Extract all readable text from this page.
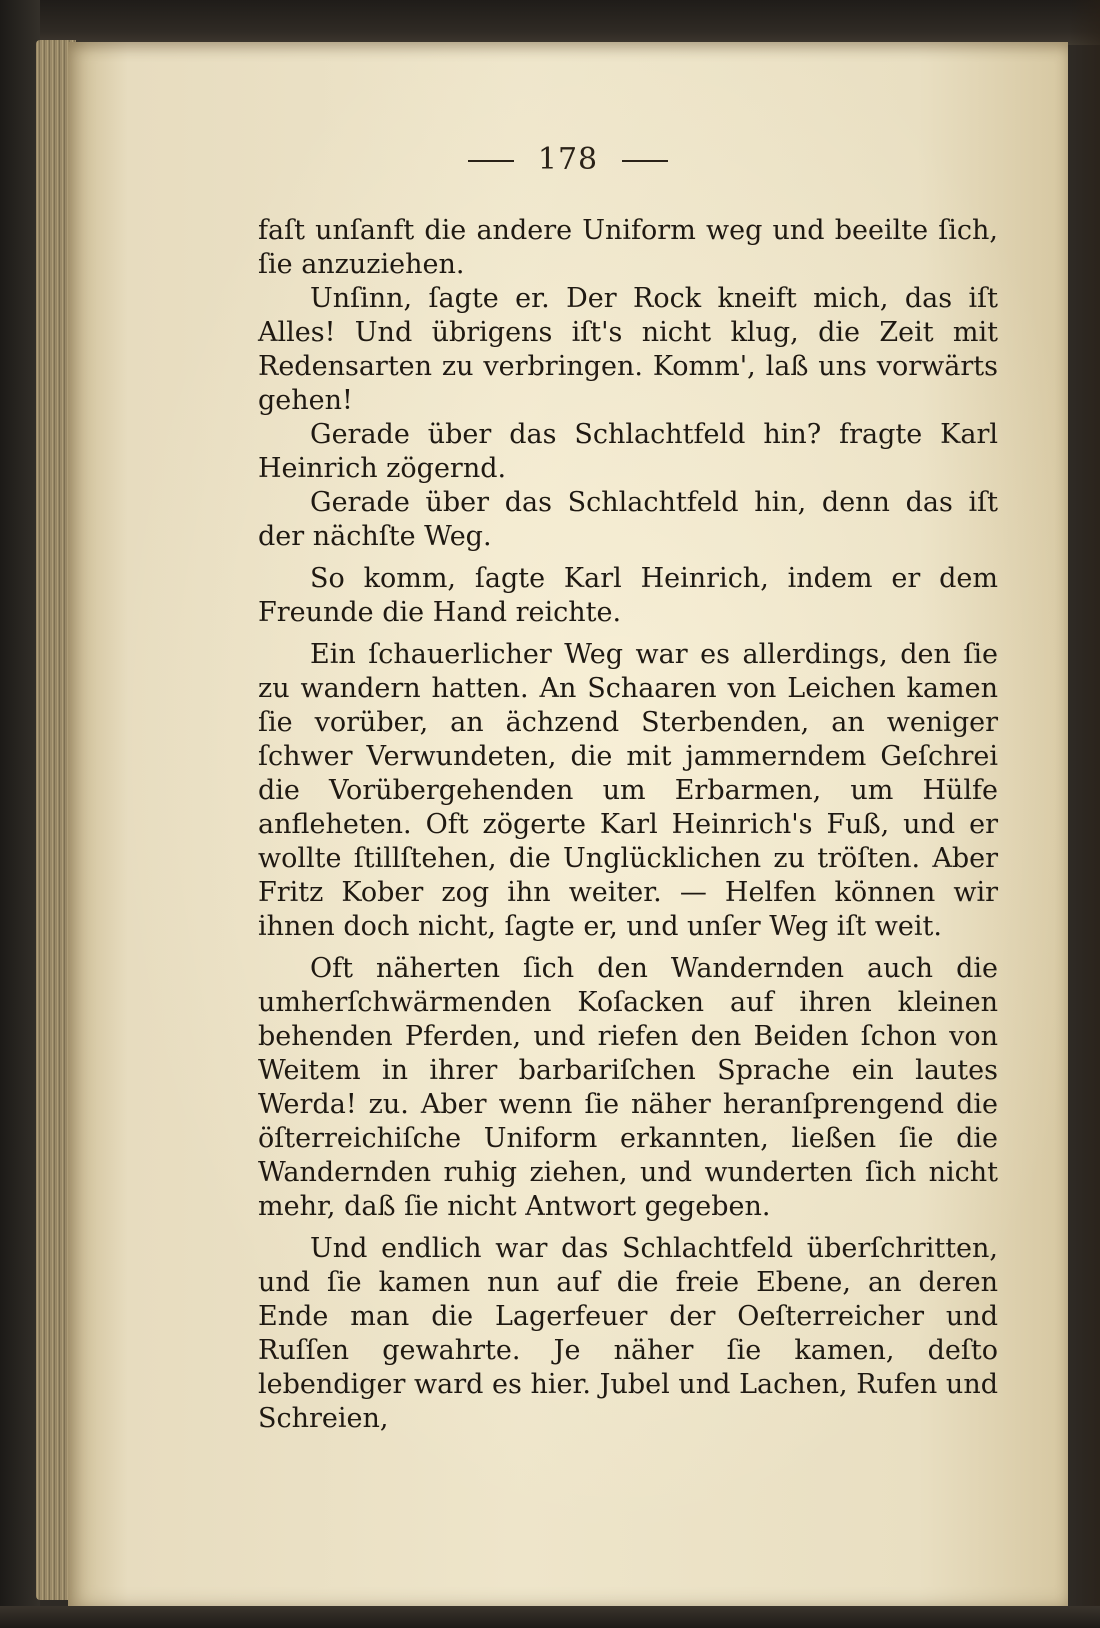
178

faſt unſanft die andere Uniform weg und beeilte ſich, ſie anzuziehen.

Unſinn, ſagte er. Der Rock kneift mich, das iſt Alles! Und übrigens iſt's nicht klug, die Zeit mit Redensarten zu verbringen. Komm', laß uns vorwärts gehen!

Gerade über das Schlachtfeld hin? fragte Karl Heinrich zögernd.

Gerade über das Schlachtfeld hin, denn das iſt der nächſte Weg.

So komm, ſagte Karl Heinrich, indem er dem Freunde die Hand reichte.

Ein ſchauerlicher Weg war es allerdings, den ſie zu wandern hatten. An Schaaren von Leichen kamen ſie vorüber, an ächzend Sterbenden, an weniger ſchwer Verwundeten, die mit jammerndem Geſchrei die Vorübergehenden um Erbarmen, um Hülfe anfleheten. Oft zögerte Karl Heinrich's Fuß, und er wollte ſtillſtehen, die Unglücklichen zu tröſten. Aber Fritz Kober zog ihn weiter. — Helfen können wir ihnen doch nicht, ſagte er, und unſer Weg iſt weit.

Oft näherten ſich den Wandernden auch die umherſchwärmenden Koſacken auf ihren kleinen behenden Pferden, und riefen den Beiden ſchon von Weitem in ihrer barbariſchen Sprache ein lautes Werda! zu. Aber wenn ſie näher heranſprengend die öſterreichiſche Uniform erkannten, ließen ſie die Wandernden ruhig ziehen, und wunderten ſich nicht mehr, daß ſie nicht Antwort gegeben.

Und endlich war das Schlachtfeld überſchritten, und ſie kamen nun auf die freie Ebene, an deren Ende man die Lagerfeuer der Oeſterreicher und Ruſſen gewahrte. Je näher ſie kamen, deſto lebendiger ward es hier. Jubel und Lachen, Rufen und Schreien,
